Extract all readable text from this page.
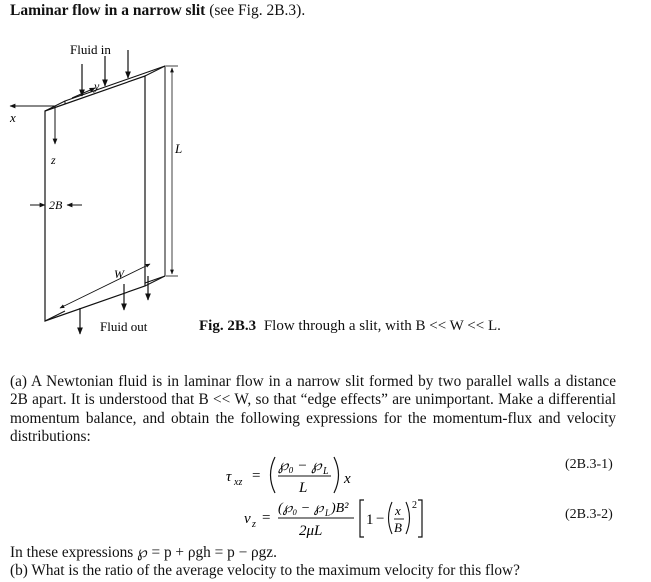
Laminar flow in a narrow slit (see Fig. 2B.3).
Fluid in
y
x
z
2B
L
W
Fluid out	Fig. 2B.3 Flow through a slit, with B << W << L.
(a) A Newtonian fluid is in laminar flow in a narrow slit formed by two parallel walls a distance 2B apart. It is understood that B << W, so that “edge effects” are unimportant. Make a differential momentum balance, and obtain the following expressions for the momentum-flux and velocity distributions:
τ xz =
℘₀ − ℘ L
L
x
(2B.3-1)
v z =
(℘₀ − ℘ L )B²
2μL
1 −
x
B
2
(2B.3-2)
In these expressions ℘ = p + ρgh = p − ρgz.
(b) What is the ratio of the average velocity to the maximum velocity for this flow?
